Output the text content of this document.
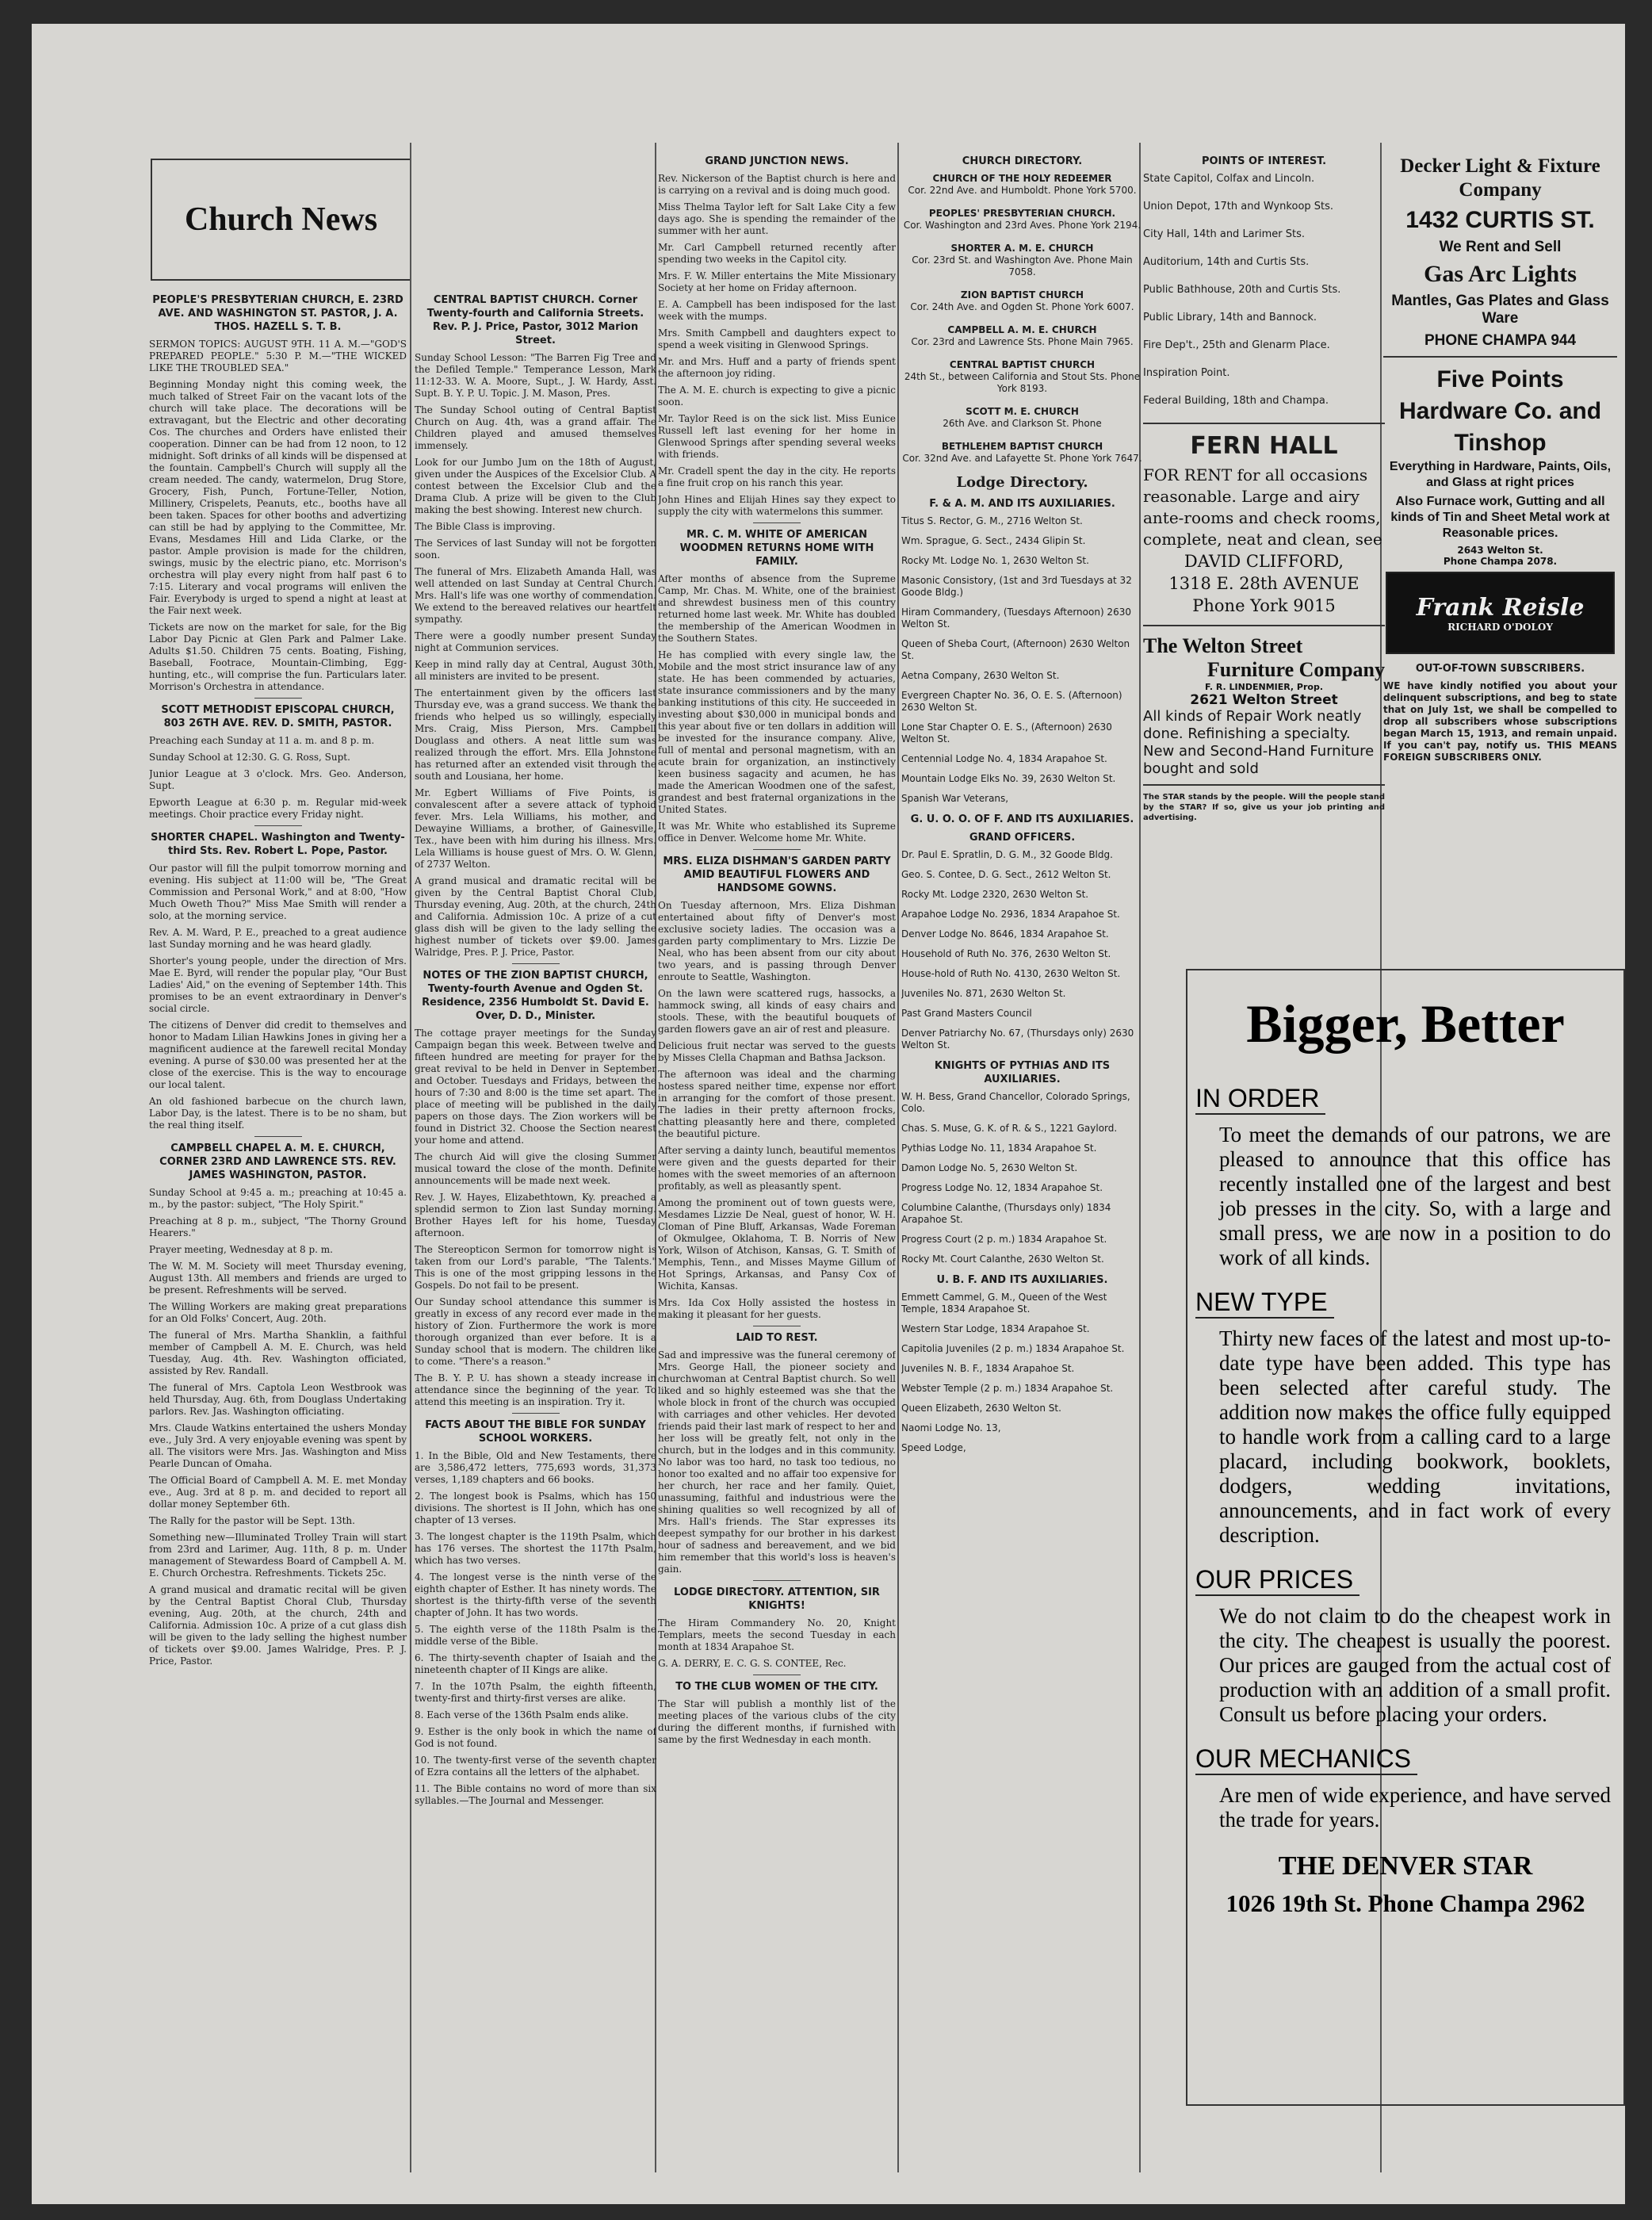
Church News
PEOPLE'S PRESBYTERIAN CHURCH, E. 23RD AVE. AND WASHINGTON ST. PASTOR, J. A. THOS. HAZELL S. T. B.
SERMON TOPICS: AUGUST 9TH. 11 A. M.—"GOD'S PREPARED PEOPLE." 5:30 P. M.—"THE WICKED LIKE THE TROUBLED SEA."
Beginning Monday night this coming week, the much talked of Street Fair on the vacant lots of the church will take place. The decorations will be extravagant, but the Electric and other decorating Cos. The churches and Orders have enlisted their cooperation. Dinner can be had from 12 noon, to 12 midnight. Soft drinks of all kinds will be dispensed at the fountain. Campbell's Church will supply all the cream needed. The candy, watermelon, Drug Store, Grocery, Fish, Punch, Fortune-Teller, Notion, Millinery, Crispelets, Peanuts, etc., booths have all been taken. Spaces for other booths and advertizing can still be had by applying to the Committee, Mr. Evans, Mesdames Hill and Lida Clarke, or the pastor. Ample provision is made for the children, swings, music by the electric piano, etc. Morrison's orchestra will play every night from half past 6 to 7:15. Literary and vocal programs will enliven the Fair. Everybody is urged to spend a night at least at the Fair next week.
Tickets are now on the market for sale, for the Big Labor Day Picnic at Glen Park and Palmer Lake. Adults $1.50. Children 75 cents. Boating, Fishing, Baseball, Footrace, Mountain-Climbing, Egg-hunting, etc., will comprise the fun. Particulars later. Morrison's Orchestra in attendance.
SCOTT METHODIST EPISCOPAL CHURCH, 803 26TH AVE. REV. D. SMITH, PASTOR.
Preaching each Sunday at 11 a. m. and 8 p. m.
Sunday School at 12:30. G. G. Ross, Supt.
Junior League at 3 o'clock. Mrs. Geo. Anderson, Supt.
Epworth League at 6:30 p. m. Regular mid-week meetings. Choir practice every Friday night.
SHORTER CHAPEL. Washington and Twenty-third Sts. Rev. Robert L. Pope, Pastor.
Our pastor will fill the pulpit tomorrow morning and evening. His subject at 11:00 will be, "The Great Commission and Personal Work," and at 8:00, "How Much Oweth Thou?" Miss Mae Smith will render a solo, at the morning service.
Rev. A. M. Ward, P. E., preached to a great audience last Sunday morning and he was heard gladly.
Shorter's young people, under the direction of Mrs. Mae E. Byrd, will render the popular play, "Our Bust Ladies' Aid," on the evening of September 14th. This promises to be an event extraordinary in Denver's social circle.
The citizens of Denver did credit to themselves and honor to Madam Lilian Hawkins Jones in giving her a magnificent audience at the farewell recital Monday evening. A purse of $30.00 was presented her at the close of the exercise. This is the way to encourage our local talent.
An old fashioned barbecue on the church lawn, Labor Day, is the latest. There is to be no sham, but the real thing itself.
CAMPBELL CHAPEL A. M. E. CHURCH, CORNER 23RD AND LAWRENCE STS. REV. JAMES WASHINGTON, PASTOR.
Sunday School at 9:45 a. m.; preaching at 10:45 a. m., by the pastor: subject, "The Holy Spirit."
Preaching at 8 p. m., subject, "The Thorny Ground Hearers."
Prayer meeting, Wednesday at 8 p. m.
The W. M. M. Society will meet Thursday evening, August 13th. All members and friends are urged to be present. Refreshments will be served.
The Willing Workers are making great preparations for an Old Folks' Concert, Aug. 20th.
The funeral of Mrs. Martha Shanklin, a faithful member of Campbell A. M. E. Church, was held Tuesday, Aug. 4th. Rev. Washington officiated, assisted by Rev. Randall.
The funeral of Mrs. Captola Leon Westbrook was held Thursday, Aug. 6th, from Douglass Undertaking parlors. Rev. Jas. Washington officiating.
Mrs. Claude Watkins entertained the ushers Monday eve., July 3rd. A very enjoyable evening was spent by all. The visitors were Mrs. Jas. Washington and Miss Pearle Duncan of Omaha.
The Official Board of Campbell A. M. E. met Monday eve., Aug. 3rd at 8 p. m. and decided to report all dollar money September 6th.
The Rally for the pastor will be Sept. 13th.
Something new—Illuminated Trolley Train will start from 23rd and Larimer, Aug. 11th, 8 p. m. Under management of Stewardess Board of Campbell A. M. E. Church Orchestra. Refreshments. Tickets 25c.
A grand musical and dramatic recital will be given by the Central Baptist Choral Club, Thursday evening, Aug. 20th, at the church, 24th and California. Admission 10c. A prize of a cut glass dish will be given to the lady selling the highest number of tickets over $9.00. James Walridge, Pres. P. J. Price, Pastor.
CENTRAL BAPTIST CHURCH. Corner Twenty-fourth and California Streets. Rev. P. J. Price, Pastor, 3012 Marion Street.
Sunday School Lesson: "The Barren Fig Tree and the Defiled Temple." Temperance Lesson, Mark 11:12-33. W. A. Moore, Supt., J. W. Hardy, Asst. Supt. B. Y. P. U. Topic. J. M. Mason, Pres.
The Sunday School outing of Central Baptist Church on Aug. 4th, was a grand affair. The Children played and amused themselves immensely.
Look for our Jumbo Jum on the 18th of August, given under the Auspices of the Excelsior Club. A contest between the Excelsior Club and the Drama Club. A prize will be given to the Club making the best showing. Interest new church.
The Bible Class is improving.
The Services of last Sunday will not be forgotten soon.
The funeral of Mrs. Elizabeth Amanda Hall, was well attended on last Sunday at Central Church. Mrs. Hall's life was one worthy of commendation. We extend to the bereaved relatives our heartfelt sympathy.
There were a goodly number present Sunday night at Communion services.
Keep in mind rally day at Central, August 30th, all ministers are invited to be present.
The entertainment given by the officers last Thursday eve, was a grand success. We thank the friends who helped us so willingly, especially Mrs. Craig, Miss Pierson, Mrs. Campbell Douglass and others. A neat little sum was realized through the effort. Mrs. Ella Johnstone has returned after an extended visit through the south and Lousiana, her home.
Mr. Egbert Williams of Five Points, is convalescent after a severe attack of typhoid fever. Mrs. Lela Williams, his mother, and Dewayine Williams, a brother, of Gainesville, Tex., have been with him during his illness. Mrs. Lela Williams is house guest of Mrs. O. W. Glenn, of 2737 Welton.
A grand musical and dramatic recital will be given by the Central Baptist Choral Club, Thursday evening, Aug. 20th, at the church, 24th and California. Admission 10c. A prize of a cut glass dish will be given to the lady selling the highest number of tickets over $9.00. James Walridge, Pres. P. J. Price, Pastor.
NOTES OF THE ZION BAPTIST CHURCH, Twenty-fourth Avenue and Ogden St. Residence, 2356 Humboldt St. David E. Over, D. D., Minister.
The cottage prayer meetings for the Sunday Campaign began this week. Between twelve and fifteen hundred are meeting for prayer for the great revival to be held in Denver in September and October. Tuesdays and Fridays, between the hours of 7:30 and 8:00 is the time set apart. The place of meeting will be published in the daily papers on those days. The Zion workers will be found in District 32. Choose the Section nearest your home and attend.
The church Aid will give the closing Summer musical toward the close of the month. Definite announcements will be made next week.
Rev. J. W. Hayes, Elizabethtown, Ky. preached a splendid sermon to Zion last Sunday morning. Brother Hayes left for his home, Tuesday afternoon.
The Stereopticon Sermon for tomorrow night is taken from our Lord's parable, "The Talents." This is one of the most gripping lessons in the Gospels. Do not fail to be present.
Our Sunday school attendance this summer is greatly in excess of any record ever made in the history of Zion. Furthermore the work is more thorough organized than ever before. It is a Sunday school that is modern. The children like to come. "There's a reason."
The B. Y. P. U. has shown a steady increase in attendance since the beginning of the year. To attend this meeting is an inspiration. Try it.
FACTS ABOUT THE BIBLE FOR SUNDAY SCHOOL WORKERS.
1. In the Bible, Old and New Testaments, there are 3,586,472 letters, 775,693 words, 31,373 verses, 1,189 chapters and 66 books.
2. The longest book is Psalms, which has 150 divisions. The shortest is II John, which has one chapter of 13 verses.
3. The longest chapter is the 119th Psalm, which has 176 verses. The shortest the 117th Psalm, which has two verses.
4. The longest verse is the ninth verse of the eighth chapter of Esther. It has ninety words. The shortest is the thirty-fifth verse of the seventh chapter of John. It has two words.
5. The eighth verse of the 118th Psalm is the middle verse of the Bible.
6. The thirty-seventh chapter of Isaiah and the nineteenth chapter of II Kings are alike.
7. In the 107th Psalm, the eighth fifteenth, twenty-first and thirty-first verses are alike.
8. Each verse of the 136th Psalm ends alike.
9. Esther is the only book in which the name of God is not found.
10. The twenty-first verse of the seventh chapter of Ezra contains all the letters of the alphabet.
11. The Bible contains no word of more than six syllables.—The Journal and Messenger.
GRAND JUNCTION NEWS.
Rev. Nickerson of the Baptist church is here and is carrying on a revival and is doing much good.
Miss Thelma Taylor left for Salt Lake City a few days ago. She is spending the remainder of the summer with her aunt.
Mr. Carl Campbell returned recently after spending two weeks in the Capitol city.
Mrs. F. W. Miller entertains the Mite Missionary Society at her home on Friday afternoon.
E. A. Campbell has been indisposed for the last week with the mumps.
Mrs. Smith Campbell and daughters expect to spend a week visiting in Glenwood Springs.
Mr. and Mrs. Huff and a party of friends spent the afternoon joy riding.
The A. M. E. church is expecting to give a picnic soon.
Mr. Taylor Reed is on the sick list. Miss Eunice Russell left last evening for her home in Glenwood Springs after spending several weeks with friends.
Mr. Cradell spent the day in the city. He reports a fine fruit crop on his ranch this year.
John Hines and Elijah Hines say they expect to supply the city with watermelons this summer.
MR. C. M. WHITE OF AMERICAN WOODMEN RETURNS HOME WITH FAMILY.
After months of absence from the Supreme Camp, Mr. Chas. M. White, one of the brainiest and shrewdest business men of this country returned home last week. Mr. White has doubled the membership of the American Woodmen in the Southern States.
He has complied with every single law, the Mobile and the most strict insurance law of any state. He has been commended by actuaries, state insurance commissioners and by the many banking institutions of this city. He succeeded in investing about $30,000 in municipal bonds and this year about five or ten dollars in addition will be invested for the insurance company. Alive, full of mental and personal magnetism, with an acute brain for organization, an instinctively keen business sagacity and acumen, he has made the American Woodmen one of the safest, grandest and best fraternal organizations in the United States.
It was Mr. White who established its Supreme office in Denver. Welcome home Mr. White.
MRS. ELIZA DISHMAN'S GARDEN PARTY AMID BEAUTIFUL FLOWERS AND HANDSOME GOWNS.
On Tuesday afternoon, Mrs. Eliza Dishman entertained about fifty of Denver's most exclusive society ladies. The occasion was a garden party complimentary to Mrs. Lizzie De Neal, who has been absent from our city about two years, and is passing through Denver enroute to Seattle, Washington.
On the lawn were scattered rugs, hassocks, a hammock swing, all kinds of easy chairs and stools. These, with the beautiful bouquets of garden flowers gave an air of rest and pleasure.
Delicious fruit nectar was served to the guests by Misses Clella Chapman and Bathsa Jackson.
The afternoon was ideal and the charming hostess spared neither time, expense nor effort in arranging for the comfort of those present. The ladies in their pretty afternoon frocks, chatting pleasantly here and there, completed the beautiful picture.
After serving a dainty lunch, beautiful mementos were given and the guests departed for their homes with the sweet memories of an afternoon profitably, as well as pleasantly spent.
Among the prominent out of town guests were, Mesdames Lizzie De Neal, guest of honor, W. H. Cloman of Pine Bluff, Arkansas, Wade Foreman of Okmulgee, Oklahoma, T. B. Norris of New York, Wilson of Atchison, Kansas, G. T. Smith of Memphis, Tenn., and Misses Mayme Gillum of Hot Springs, Arkansas, and Pansy Cox of Wichita, Kansas.
Mrs. Ida Cox Holly assisted the hostess in making it pleasant for her guests.
LAID TO REST.
Sad and impressive was the funeral ceremony of Mrs. George Hall, the pioneer society and churchwoman at Central Baptist church. So well liked and so highly esteemed was she that the whole block in front of the church was occupied with carriages and other vehicles. Her devoted friends paid their last mark of respect to her and her loss will be greatly felt, not only in the church, but in the lodges and in this community. No labor was too hard, no task too tedious, no honor too exalted and no affair too expensive for her church, her race and her family. Quiet, unassuming, faithful and industrious were the shining qualities so well recognized by all of Mrs. Hall's friends. The Star expresses its deepest sympathy for our brother in his darkest hour of sadness and bereavement, and we bid him remember that this world's loss is heaven's gain.
LODGE DIRECTORY. ATTENTION, SIR KNIGHTS!
The Hiram Commandery No. 20, Knight Templars, meets the second Tuesday in each month at 1834 Arapahoe St.
G. A. DERRY, E. C. G. S. CONTEE, Rec.
TO THE CLUB WOMEN OF THE CITY.
The Star will publish a monthly list of the meeting places of the various clubs of the city during the different months, if furnished with same by the first Wednesday in each month.
CHURCH DIRECTORY.
CHURCH OF THE HOLY REDEEMER
Cor. 22nd Ave. and Humboldt. Phone York 5700.
PEOPLES' PRESBYTERIAN CHURCH.
Cor. Washington and 23rd Aves. Phone York 2194.
SHORTER A. M. E. CHURCH
Cor. 23rd St. and Washington Ave. Phone Main 7058.
ZION BAPTIST CHURCH
Cor. 24th Ave. and Ogden St. Phone York 6007.
CAMPBELL A. M. E. CHURCH
Cor. 23rd and Lawrence Sts. Phone Main 7965.
CENTRAL BAPTIST CHURCH
24th St., between California and Stout Sts. Phone York 8193.
SCOTT M. E. CHURCH
26th Ave. and Clarkson St. Phone
BETHLEHEM BAPTIST CHURCH
Cor. 32nd Ave. and Lafayette St. Phone York 7647.
Lodge Directory.
F. & A. M. AND ITS AUXILIARIES.
Titus S. Rector, G. M., 2716 Welton St.
Wm. Sprague, G. Sect., 2434 Glipin St.
Rocky Mt. Lodge No. 1, 2630 Welton St.
Masonic Consistory, (1st and 3rd Tuesdays at 32 Goode Bldg.)
Hiram Commandery, (Tuesdays Afternoon) 2630 Welton St.
Queen of Sheba Court, (Afternoon) 2630 Welton St.
Aetna Company, 2630 Welton St.
Evergreen Chapter No. 36, O. E. S. (Afternoon) 2630 Welton St.
Lone Star Chapter O. E. S., (Afternoon) 2630 Welton St.
Centennial Lodge No. 4, 1834 Arapahoe St.
Mountain Lodge Elks No. 39, 2630 Welton St.
Spanish War Veterans,
G. U. O. O. OF F. AND ITS AUXILIARIES.
GRAND OFFICERS.
Dr. Paul E. Spratlin, D. G. M., 32 Goode Bldg.
Geo. S. Contee, D. G. Sect., 2612 Welton St.
Rocky Mt. Lodge 2320, 2630 Welton St.
Arapahoe Lodge No. 2936, 1834 Arapahoe St.
Denver Lodge No. 8646, 1834 Arapahoe St.
Household of Ruth No. 376, 2630 Welton St.
House-hold of Ruth No. 4130, 2630 Welton St.
Juveniles No. 871, 2630 Welton St.
Past Grand Masters Council
Denver Patriarchy No. 67, (Thursdays only) 2630 Welton St.
KNIGHTS OF PYTHIAS AND ITS AUXILIARIES.
W. H. Bess, Grand Chancellor, Colorado Springs, Colo.
Chas. S. Muse, G. K. of R. & S., 1221 Gaylord.
Pythias Lodge No. 11, 1834 Arapahoe St.
Damon Lodge No. 5, 2630 Welton St.
Progress Lodge No. 12, 1834 Arapahoe St.
Columbine Calanthe, (Thursdays only) 1834 Arapahoe St.
Progress Court (2 p. m.) 1834 Arapahoe St.
Rocky Mt. Court Calanthe, 2630 Welton St.
U. B. F. AND ITS AUXILIARIES.
Emmett Cammel, G. M., Queen of the West Temple, 1834 Arapahoe St.
Western Star Lodge, 1834 Arapahoe St.
Capitolia Juveniles (2 p. m.) 1834 Arapahoe St.
Juveniles N. B. F., 1834 Arapahoe St.
Webster Temple (2 p. m.) 1834 Arapahoe St.
Queen Elizabeth, 2630 Welton St.
Naomi Lodge No. 13,
Speed Lodge,
POINTS OF INTEREST.
State Capitol, Colfax and Lincoln.
Union Depot, 17th and Wynkoop Sts.
City Hall, 14th and Larimer Sts.
Auditorium, 14th and Curtis Sts.
Public Bathhouse, 20th and Curtis Sts.
Public Library, 14th and Bannock.
Fire Dep't., 25th and Glenarm Place.
Inspiration Point.
Federal Building, 18th and Champa.
FERN HALL
FOR RENT for all occasions reasonable. Large and airy ante-rooms and check rooms, complete, neat and clean, see
DAVID CLIFFORD,
1318 E. 28th AVENUE
Phone York 9015
The Welton Street
Furniture Company
F. R. LINDENMIER, Prop.
2621 Welton Street
All kinds of Repair Work neatly done. Refinishing a specialty. New and Second-Hand Furniture bought and sold
The STAR stands by the people. Will the people stand by the STAR? If so, give us your job printing and advertising.
Decker Light & Fixture Company
1432 CURTIS ST.
We Rent and Sell
Gas Arc Lights
Mantles, Gas Plates and Glass Ware
PHONE CHAMPA 944
Five Points Hardware Co. and Tinshop
Everything in Hardware, Paints, Oils, and Glass at right prices
Also Furnace work, Gutting and all kinds of Tin and Sheet Metal work at Reasonable prices.
2643 Welton St.
Phone Champa 2078.
Frank Reisle
RICHARD O'DOLOY
OUT-OF-TOWN SUBSCRIBERS.
WE have kindly notified you about your delinquent subscriptions, and beg to state that on July 1st, we shall be compelled to drop all subscribers whose subscriptions began March 15, 1913, and remain unpaid. If you can't pay, notify us. THIS MEANS FOREIGN SUBSCRIBERS ONLY.
Bigger, Better
IN ORDER
To meet the demands of our patrons, we are pleased to announce that this office has recently installed one of the largest and best job presses in the city. So, with a large and small press, we are now in a position to do work of all kinds.
NEW TYPE
Thirty new faces of the latest and most up-to-date type have been added. This type has been selected after careful study. The addition now makes the office fully equipped to handle work from a calling card to a large placard, including bookwork, booklets, dodgers, wedding invitations, announcements, and in fact work of every description.
OUR PRICES
We do not claim to do the cheapest work in the city. The cheapest is usually the poorest. Our prices are gauged from the actual cost of production with an addition of a small profit. Consult us before placing your orders.
OUR MECHANICS
Are men of wide experience, and have served the trade for years.
THE DENVER STAR
1026 19th St. Phone Champa 2962
